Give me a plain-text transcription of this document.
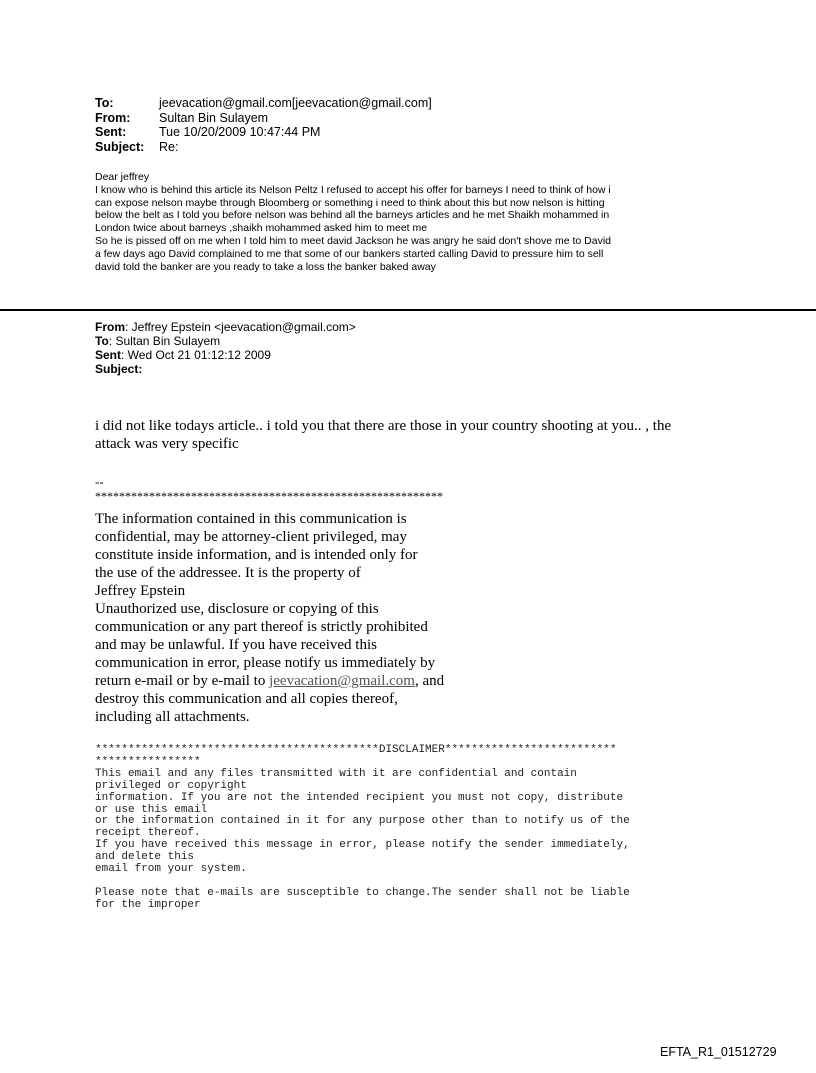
To:	jeevacation@gmail.com[jeevacation@gmail.com]
From:	Sultan Bin Sulayem
Sent:	Tue 10/20/2009 10:47:44 PM
Subject:	Re:
Dear jeffrey
I know who is behind this article its Nelson Peltz I refused to accept his offer for barneys I need to think of how i
can expose nelson maybe through Bloomberg or something i need to think about this but now nelson is hitting
below the belt as I told you before nelson was behind all the barneys articles and he met Shaikh mohammed in
London twice about barneys ,shaikh mohammed asked him to meet me
So he is pissed off on me when I told him to meet david Jackson he was angry he said don't shove me to David
a few days ago David complained to me that some of our bankers started calling David to pressure him to sell
david told the banker are you ready to take a loss the banker baked away
From: Jeffrey Epstein <jeevacation@gmail.com>
To: Sultan Bin Sulayem
Sent: Wed Oct 21 01:12:12 2009
Subject:
i did not like todays article.. i told you that there are those in your country shooting at you.. , the
attack was very specific
--
**********************************************************
The information contained in this communication is
confidential, may be attorney-client privileged, may
constitute inside information, and is intended only for
the use of the addressee. It is the property of
Jeffrey Epstein
Unauthorized use, disclosure or copying of this
communication or any part thereof is strictly prohibited
and may be unlawful. If you have received this
communication in error, please notify us immediately by
return e-mail or by e-mail to jeevacation@gmail.com, and
destroy this communication and all copies thereof,
including all attachments.
*******************************************DISCLAIMER**************************
****************
This email and any files transmitted with it are confidential and contain
privileged or copyright
information. If you are not the intended recipient you must not copy, distribute
or use this email
or the information contained in it for any purpose other than to notify us of the
receipt thereof.
If you have received this message in error, please notify the sender immediately,
and delete this
email from your system.
Please note that e-mails are susceptible to change.The sender shall not be liable
for the improper
EFTA_R1_01512729
